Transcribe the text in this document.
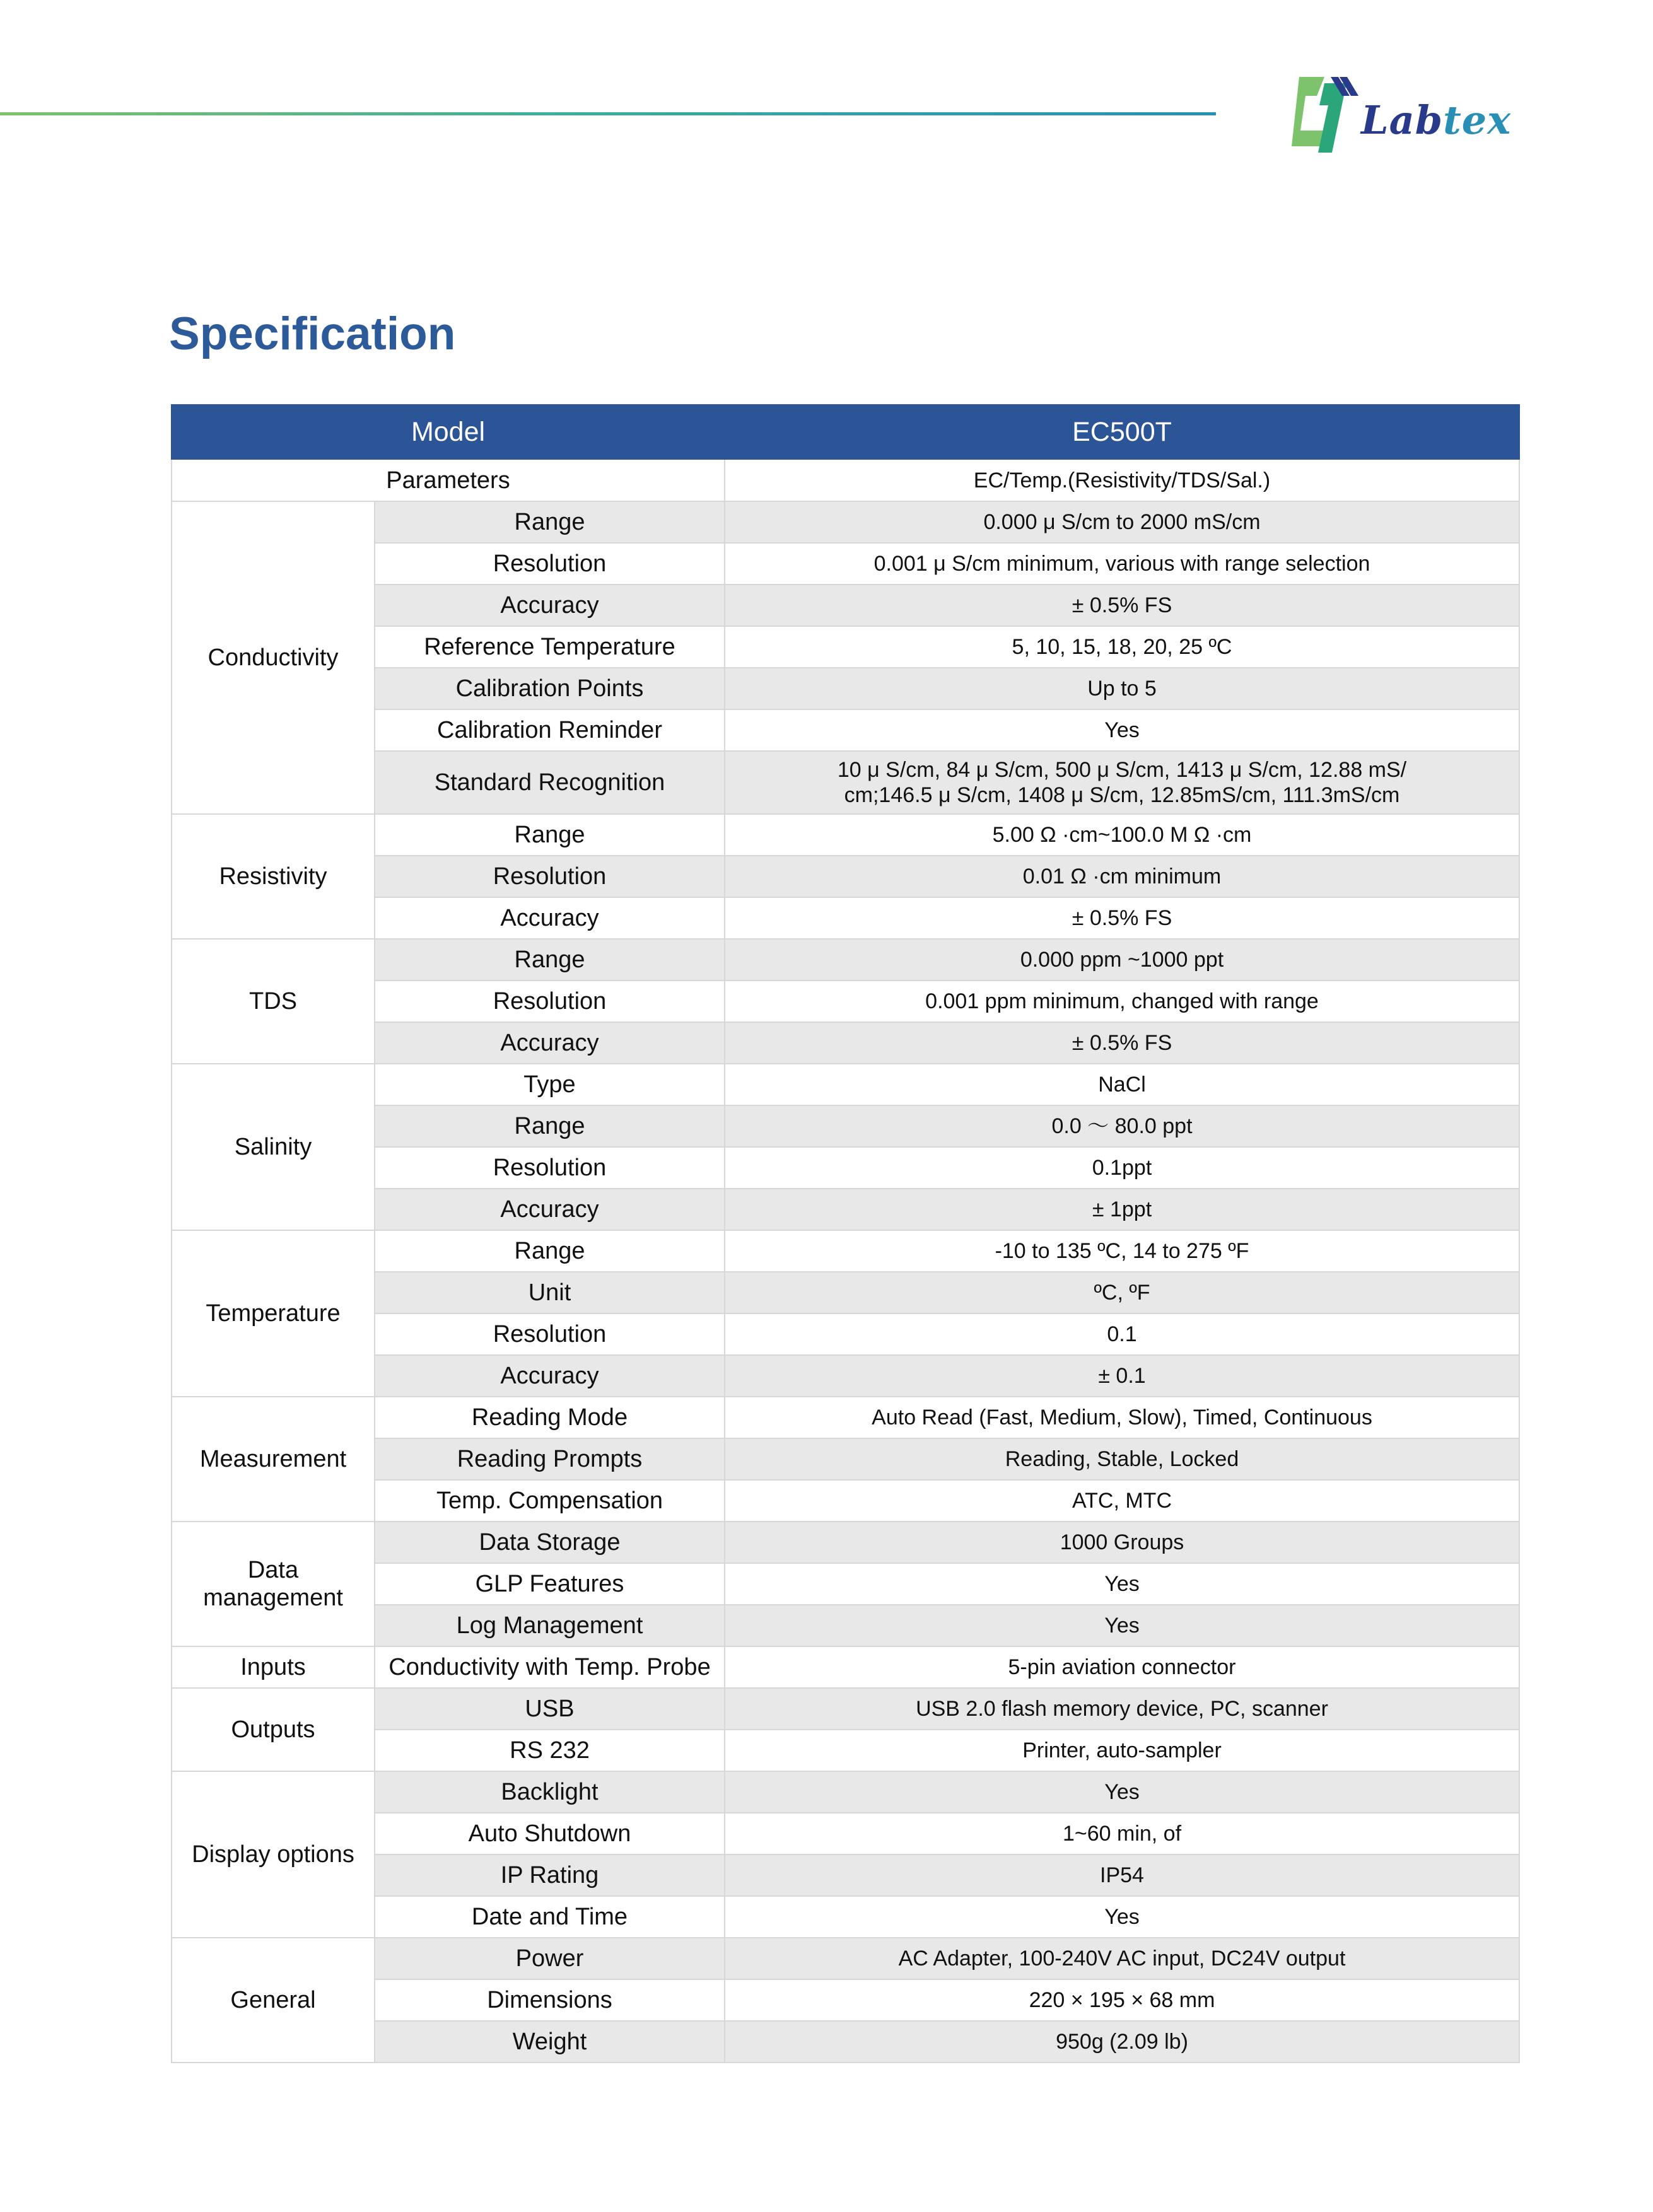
Labtex
Specification
Model		EC500T
Parameters		EC/Temp.(Resistivity/TDS/Sal.)
Conductivity	Range	0.000 μ S/cm to 2000 mS/cm
	Resolution	0.001 μ S/cm minimum, various with range selection
	Accuracy	± 0.5% FS
	Reference Temperature	5, 10, 15, 18, 20, 25 ºC
	Calibration Points	Up to 5
	Calibration Reminder	Yes
	Standard Recognition	10 μ S/cm, 84 μ S/cm, 500 μ S/cm, 1413 μ S/cm, 12.88 mS/
cm;146.5 μ S/cm, 1408 μ S/cm, 12.85mS/cm, 111.3mS/cm

Resistivity	Range	5.00 Ω ·cm~100.0 M Ω ·cm
	Resolution	0.01 Ω ·cm minimum
	Accuracy	± 0.5% FS
TDS	Range	0.000 ppm ~1000 ppt
	Resolution	0.001 ppm minimum, changed with range
	Accuracy	± 0.5% FS
Salinity	Type	NaCl
	Range	0.0 ～ 80.0 ppt
	Resolution	0.1ppt
	Accuracy	± 1ppt
Temperature	Range	-10 to 135 ºC, 14 to 275 ºF
	Unit	ºC, ºF
	Resolution	0.1
	Accuracy	± 0.1
Measurement	Reading Mode	Auto Read (Fast, Medium, Slow), Timed, Continuous
	Reading Prompts	Reading, Stable, Locked
	Temp. Compensation	ATC, MTC
Data management	Data Storage	1000 Groups
	GLP Features	Yes
	Log Management	Yes
Inputs	Conductivity with Temp. Probe	5-pin aviation connector
Outputs	USB	USB 2.0 flash memory device, PC, scanner
	RS 232	Printer, auto-sampler
Display options	Backlight	Yes
	Auto Shutdown	1~60 min, of
	IP Rating	IP54
	Date and Time	Yes
General	Power	AC Adapter, 100-240V AC input, DC24V output
	Dimensions	220 × 195 × 68 mm
	Weight	950g (2.09 lb)
